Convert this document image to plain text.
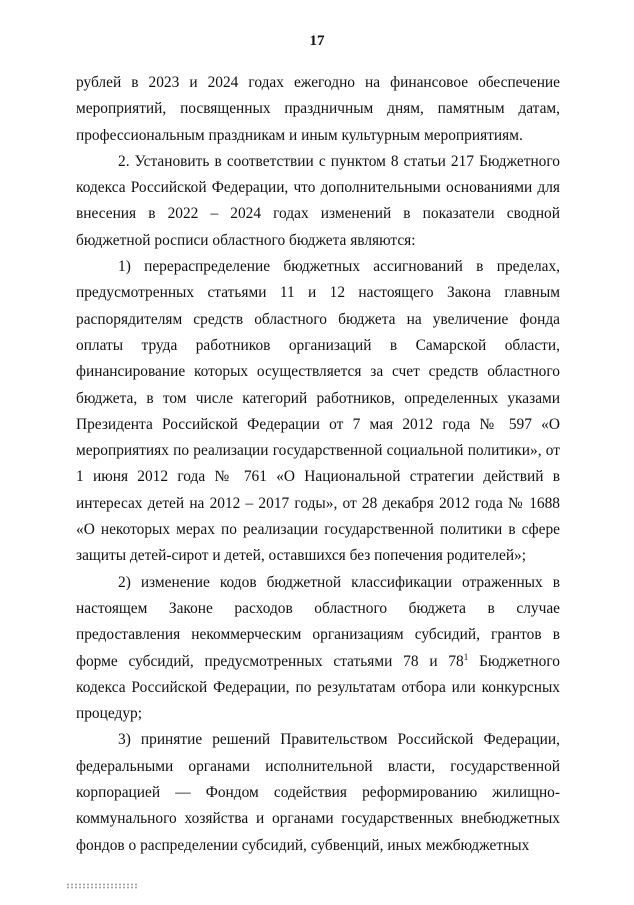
17

рублей в 2023 и 2024 годах ежегодно на финансовое обеспечение мероприятий, посвященных праздничным дням, памятным датам, профессиональным праздникам и иным культурным мероприятиям.

2. Установить в соответствии с пунктом 8 статьи 217 Бюджетного кодекса Российской Федерации, что дополнительными основаниями для внесения в 2022 – 2024 годах изменений в показатели сводной бюджетной росписи областного бюджета являются:

1) перераспределение бюджетных ассигнований в пределах, предусмотренных статьями 11 и 12 настоящего Закона главным распорядителям средств областного бюджета на увеличение фонда оплаты труда работников организаций в Самарской области, финансирование которых осуществляется за счет средств областного бюджета, в том числе категорий работников, определенных указами Президента Российской Федерации от 7 мая 2012 года № 597 «О мероприятиях по реализации государственной социальной политики», от 1 июня 2012 года № 761 «О Национальной стратегии действий в интересах детей на 2012 – 2017 годы», от 28 декабря 2012 года № 1688 «О некоторых мерах по реализации государственной политики в сфере защиты детей-сирот и детей, оставшихся без попечения родителей»;

2) изменение кодов бюджетной классификации отраженных в настоящем Законе расходов областного бюджета в случае предоставления некоммерческим организациям субсидий, грантов в форме субсидий, предусмотренных статьями 78 и $78^1$ Бюджетного кодекса Российской Федерации, по результатам отбора или конкурсных процедур;

3) принятие решений Правительством Российской Федерации, федеральными органами исполнительной власти, государственной корпорацией — Фондом содействия реформированию жилищно-коммунального хозяйства и органами государственных внебюджетных фондов о распределении субсидий, субвенций, иных межбюджетных
